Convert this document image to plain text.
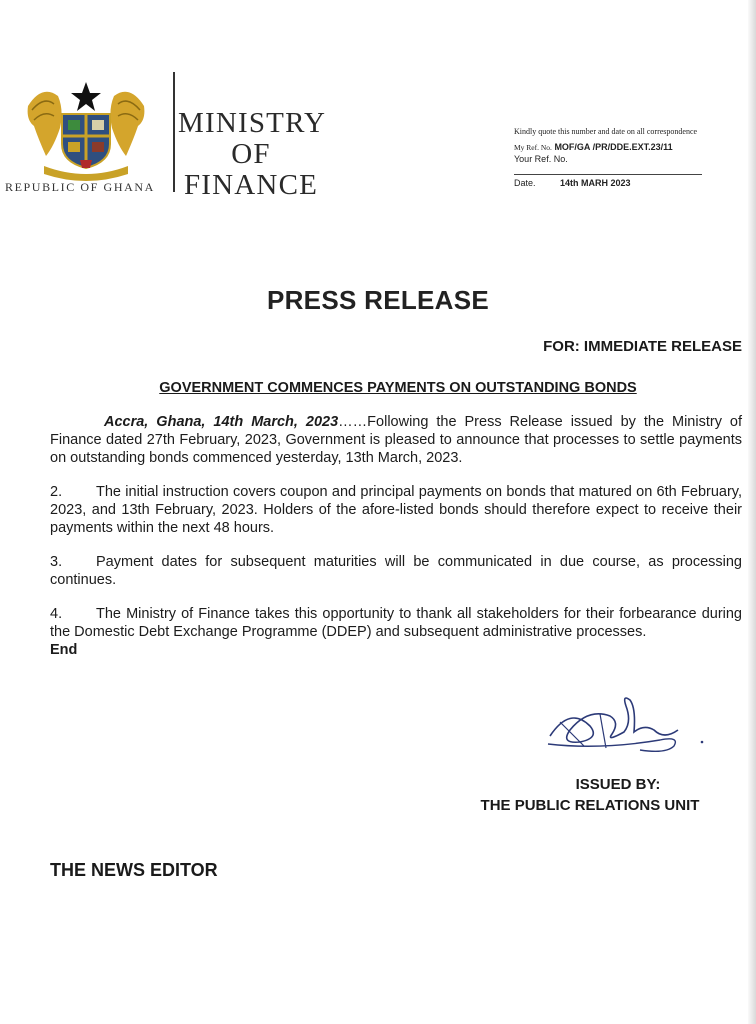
REPUBLIC OF GHANA
MINISTRY
OF
FINANCE
Kindly quote this number and date on all correspondence
My Ref. No. MOF/GA /PR/DDE.EXT.23/11
Your Ref. No.
Date.	14th MARH 2023
PRESS RELEASE
FOR: IMMEDIATE RELEASE
GOVERNMENT COMMENCES PAYMENTS ON OUTSTANDING BONDS

Accra, Ghana, 14th March, 2023……Following the Press Release issued by the Ministry of Finance dated 27th February, 2023, Government is pleased to announce that processes to settle payments on outstanding bonds commenced yesterday, 13th March, 2023.

2. The initial instruction covers coupon and principal payments on bonds that matured on 6th February, 2023, and 13th February, 2023. Holders of the afore-listed bonds should therefore expect to receive their payments within the next 48 hours.

3. Payment dates for subsequent maturities will be communicated in due course, as processing continues.

4. The Ministry of Finance takes this opportunity to thank all stakeholders for their forbearance during the Domestic Debt Exchange Programme (DDEP) and subsequent administrative processes.

End

ISSUED BY:
THE PUBLIC RELATIONS UNIT
THE NEWS EDITOR
